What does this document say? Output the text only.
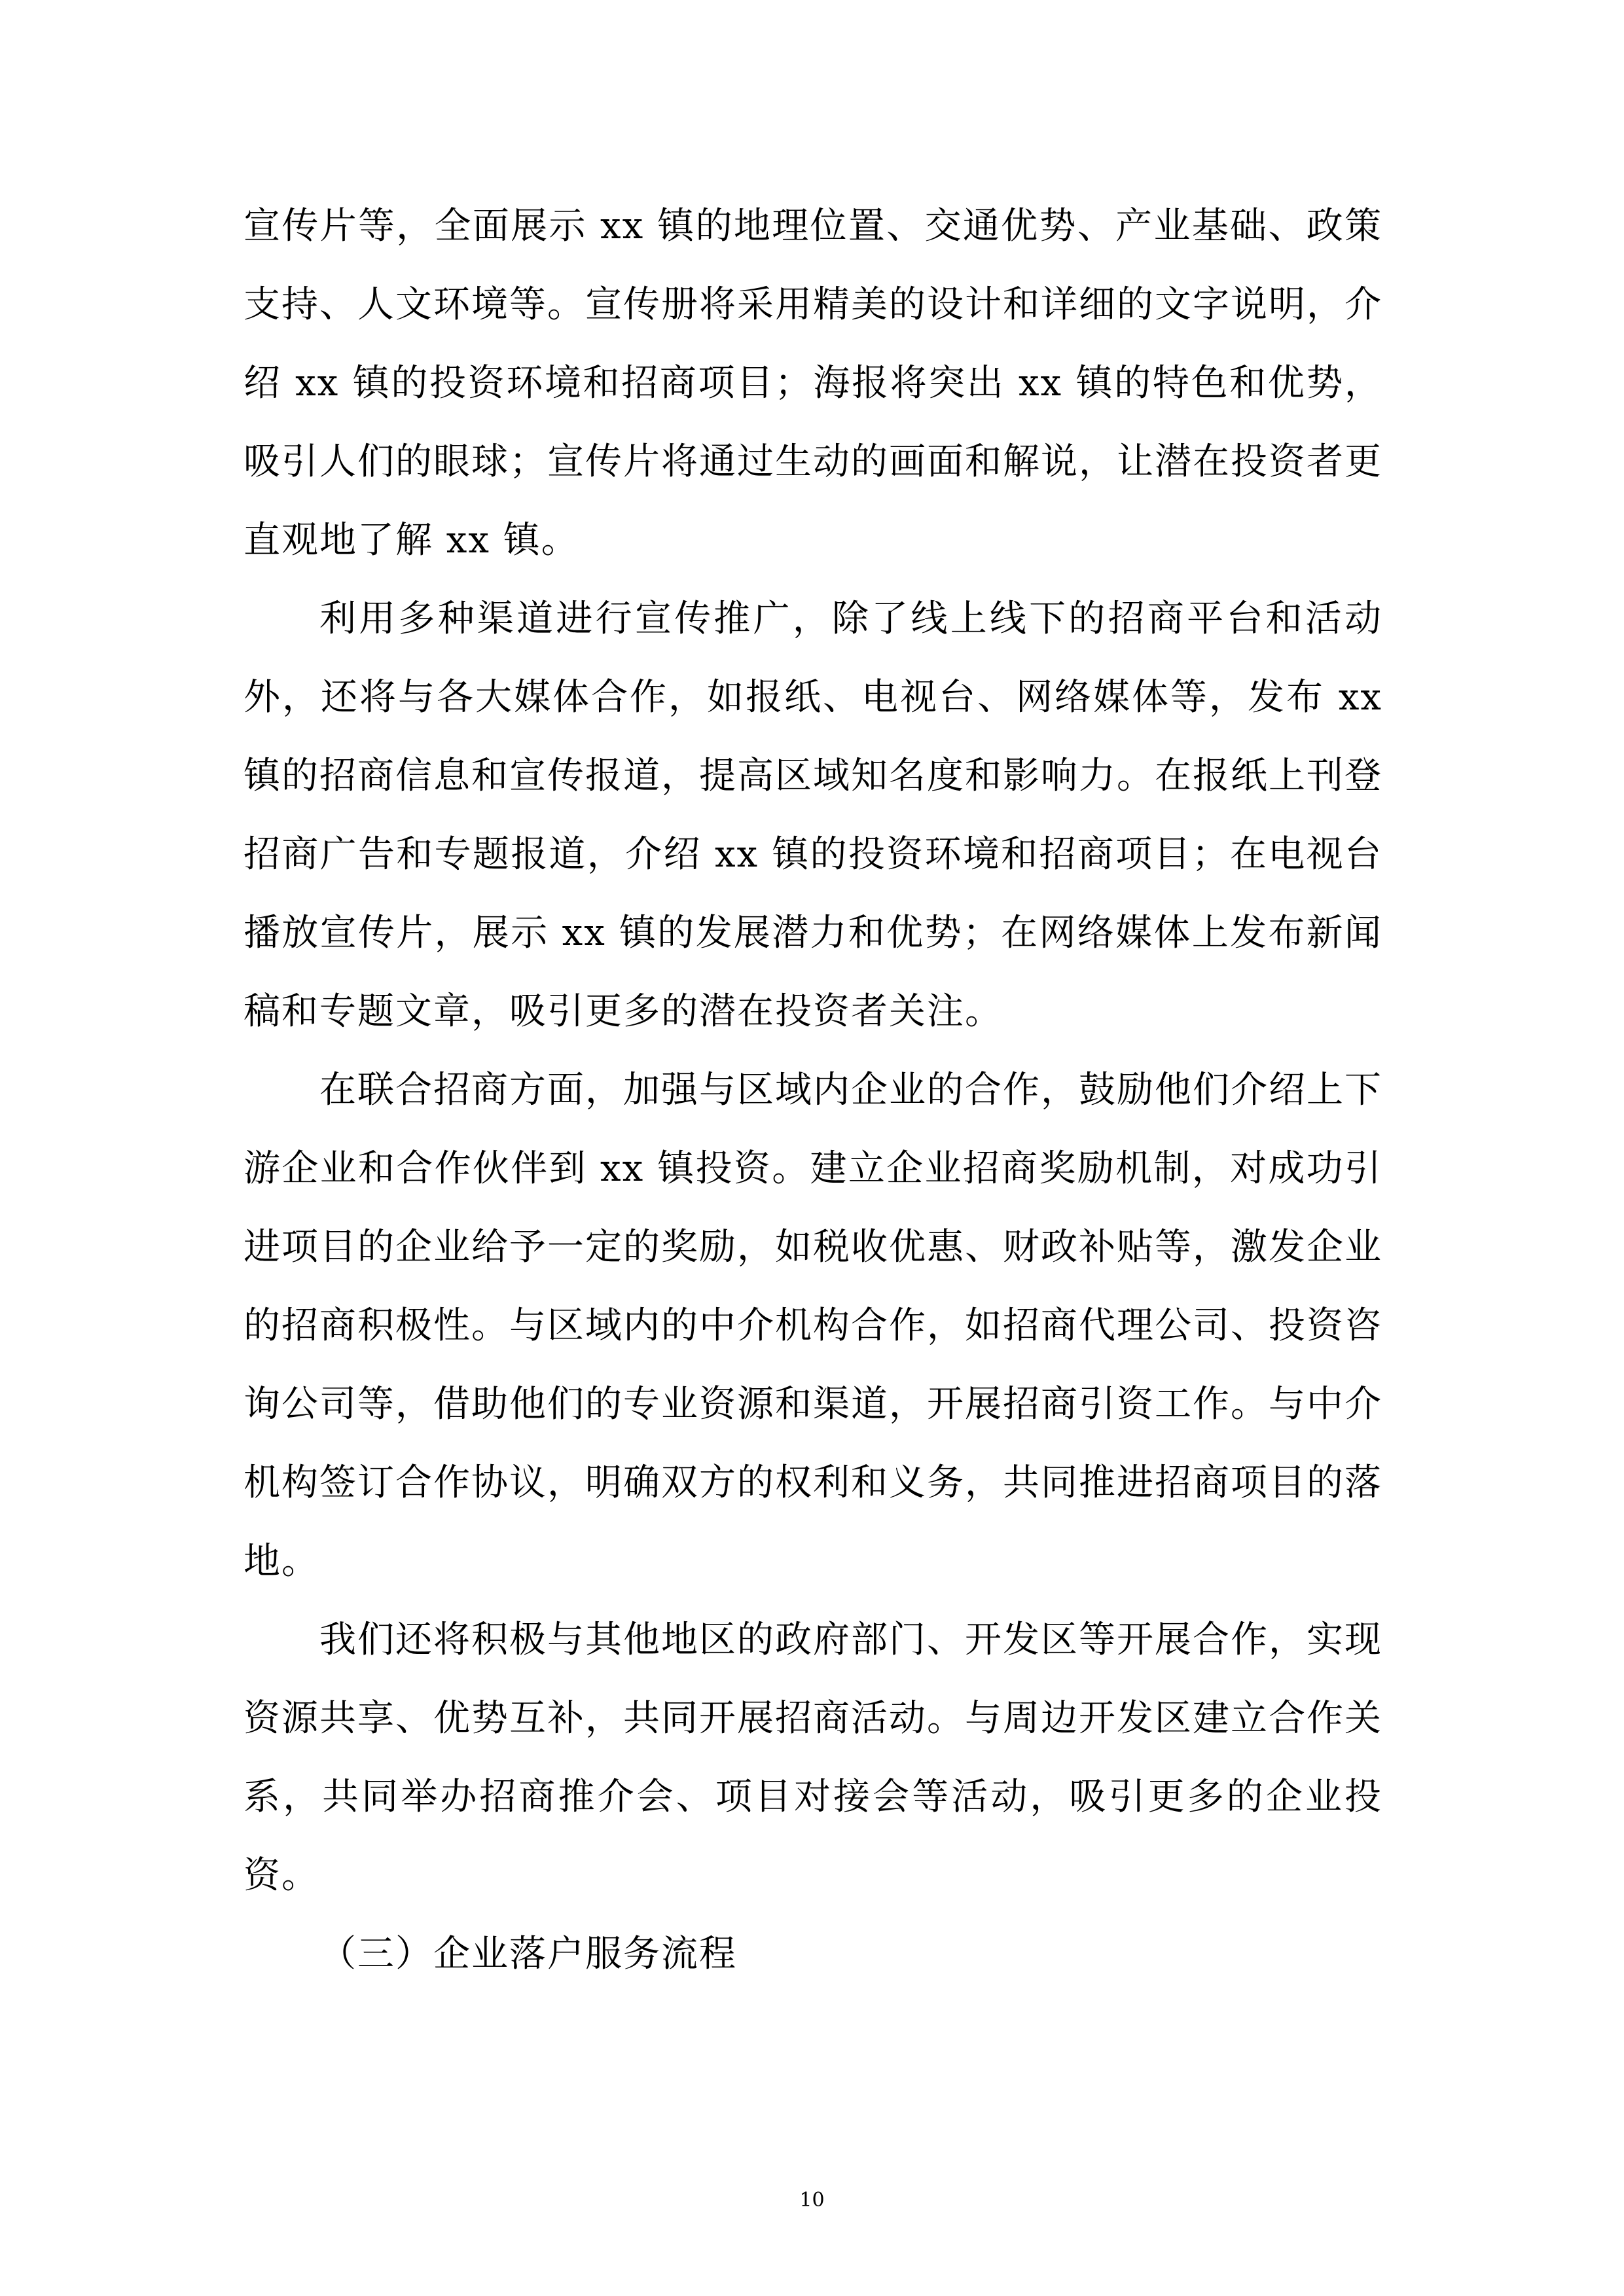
宣传片等，全面展示 xx 镇的地理位置、交通优势、产业基础、政策支持、人文环境等。宣传册将采用精美的设计和详细的文字说明，介绍 xx 镇的投资环境和招商项目；海报将突出 xx 镇的特色和优势，吸引人们的眼球；宣传片将通过生动的画面和解说，让潜在投资者更直观地了解 xx 镇。

利用多种渠道进行宣传推广，除了线上线下的招商平台和活动外，还将与各大媒体合作，如报纸、电视台、网络媒体等，发布 xx 镇的招商信息和宣传报道，提高区域知名度和影响力。在报纸上刊登招商广告和专题报道，介绍 xx 镇的投资环境和招商项目；在电视台播放宣传片，展示 xx 镇的发展潜力和优势；在网络媒体上发布新闻稿和专题文章，吸引更多的潜在投资者关注。

在联合招商方面，加强与区域内企业的合作，鼓励他们介绍上下游企业和合作伙伴到 xx 镇投资。建立企业招商奖励机制，对成功引进项目的企业给予一定的奖励，如税收优惠、财政补贴等，激发企业的招商积极性。与区域内的中介机构合作，如招商代理公司、投资咨询公司等，借助他们的专业资源和渠道，开展招商引资工作。与中介机构签订合作协议，明确双方的权利和义务，共同推进招商项目的落地。

我们还将积极与其他地区的政府部门、开发区等开展合作，实现资源共享、优势互补，共同开展招商活动。与周边开发区建立合作关系，共同举办招商推介会、项目对接会等活动，吸引更多的企业投资。

（三）企业落户服务流程

10
